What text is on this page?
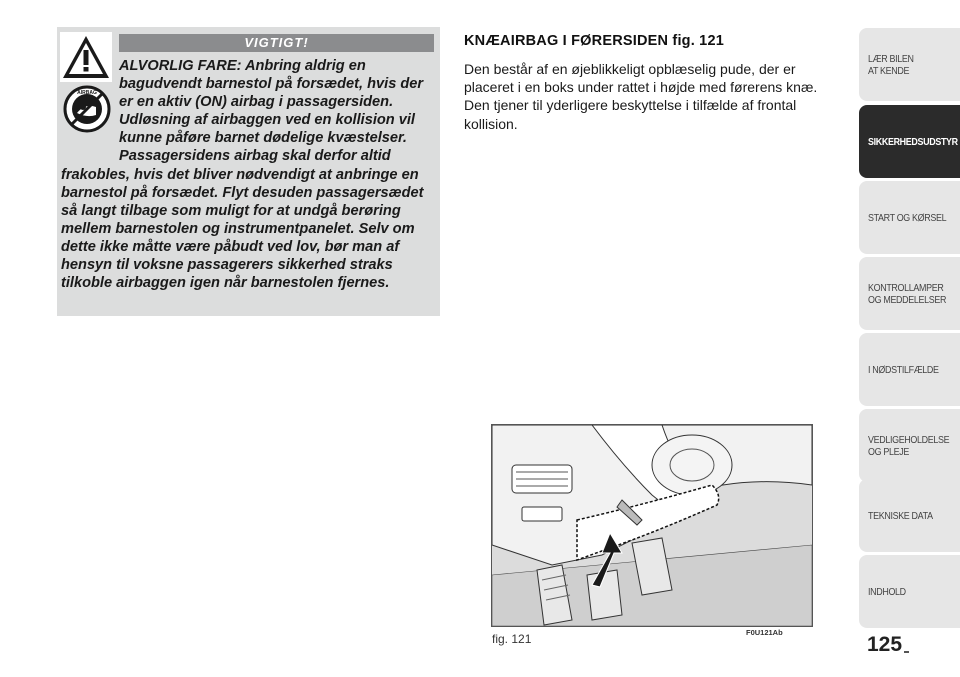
AIRBAG
VIGTIGT!

ALVORLIG FARE: Anbring aldrig en bagudvendt barnestol på forsædet, hvis der er en aktiv (ON) airbag i passagersiden. Udløsning af airbaggen ved en kollision vil kunne påføre barnet dødelige kvæstelser. Passagersidens airbag skal derfor altid frakobles, hvis det bliver nødvendigt at anbringe en barnestol på forsædet. Flyt desuden passagersædet så langt tilbage som muligt for at undgå berøring mellem barnestolen og instrumentpanelet. Selv om dette ikke måtte være påbudt ved lov, bør man af hensyn til voksne passagerers sikkerhed straks tilkoble airbaggen igen når barnestolen fjernes.

KNÆAIRBAG I FØRERSIDEN fig. 121

Den består af en øjeblikkeligt opblæselig pude, der er placeret i en boks under rattet i højde med førerens knæ. Den tjener til yderligere beskyttelse i tilfælde af frontal kollision.

fig. 121	F0U121Ab
125
LÆR BILEN
AT KENDE
SIKKERHEDSUDSTYR
START OG KØRSEL
KONTROLLAMPER
OG MEDDELELSER
I NØDSTILFÆLDE
VEDLIGEHOLDELSE
OG PLEJE
TEKNISKE DATA
INDHOLD
